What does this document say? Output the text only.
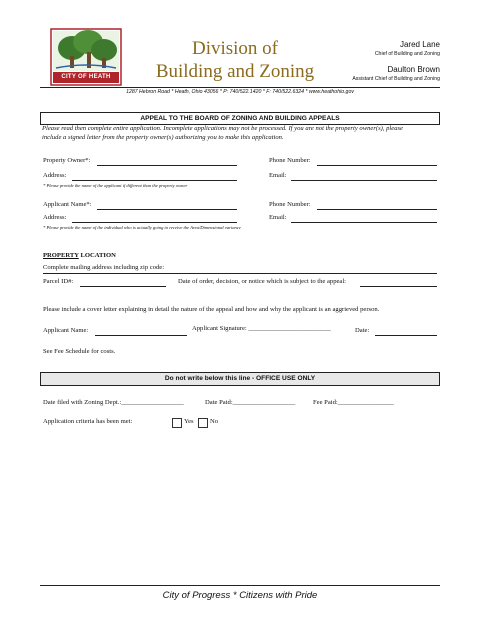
CITY OF HEATH
Division of
Building and Zoning
Jared Lane
Chief of Building and Zoning
Daulton Brown
Assistant Chief of Building and Zoning
1287 Hebron Road * Heath, Ohio 43056 * P: 740/522.1420 * F: 740/522.6324 * www.heathohio.gov
APPEAL TO THE BOARD OF ZONING AND BUILDING APPEALS
Please read then complete entire application. Incomplete applications may not be processed. If you are not the property owner(s), please
include a signed letter from the property owner(s) authorizing you to make this application.
Property Owner*:	Phone Number:
Address:	Email:
* Please provide the name of the applicant if different than the property owner
Applicant Name*:	Phone Number:
Address:	Email:
* Please provide the name of the individual who is actually going to receive the Area/Dimensional variance
PROPERTY LOCATION
Complete mailing address including zip code:
Parcel ID#:	Date of order, decision, or notice which is subject to the appeal:
Please include a cover letter explaining in detail the nature of the appeal and how and why the applicant is an aggrieved person.
Applicant Name:	Applicant Signature: _________________________	Date:
See Fee Schedule for costs.
Do not write below this line - OFFICE USE ONLY
Date filed with Zoning Dept.:___________________	Date Paid:___________________	Fee Paid:_________________
Application criteria has been met:	Yes No
City of Progress * Citizens with Pride
